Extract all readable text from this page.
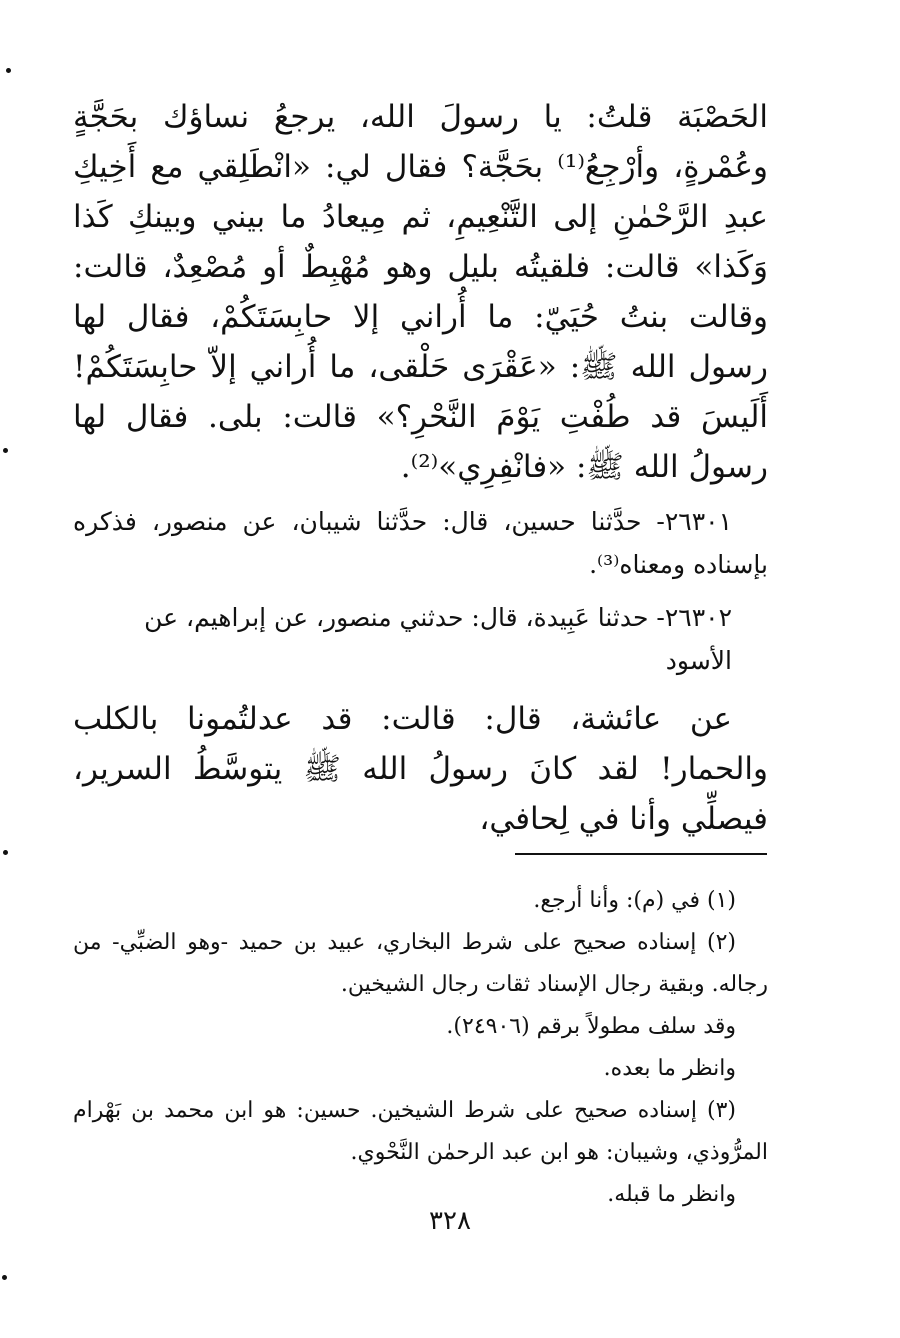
الحَصْبَة قلتُ: يا رسولَ الله، يرجعُ نساؤك بحَجَّةٍ وعُمْرةٍ، وأرْجِعُ⁽¹⁾ بحَجَّة؟ فقال لي: «انْطَلِقي مع أَخِيكِ عبدِ الرَّحْمٰنِ إلى التَّنْعِيمِ، ثم مِيعادُ ما بيني وبينكِ كَذا وَكَذا» قالت: فلقيتُه بليل وهو مُهْبِطٌ أو مُصْعِدٌ، قالت: وقالت بنتُ حُيَيّ: ما أُراني إلا حابِسَتَكُمْ، فقال لها رسول الله ﷺ: «عَقْرَى حَلْقى، ما أُراني إلاّ حابِسَتَكُمْ! أَلَيسَ قد طُفْتِ يَوْمَ النَّحْرِ؟» قالت: بلى. فقال لها رسولُ الله ﷺ: «فانْفِرِي»⁽²⁾.

٢٦٣٠١- حدَّثنا حسين، قال: حدَّثنا شيبان، عن منصور، فذكره بإسناده ومعناه⁽³⁾.

٢٦٣٠٢- حدثنا عَبِيدة، قال: حدثني منصور، عن إبراهيم، عن
الأسود

عن عائشة، قال: قالت: قد عدلتُمونا بالكلب والحمار! لقد كانَ رسولُ الله ﷺ يتوسَّطُ السرير، فيصلِّي وأنا في لِحافي،

(١) في (م): وأنا أرجع.

(٢) إسناده صحيح على شرط البخاري، عبيد بن حميد -وهو الضبِّي- من رجاله. وبقية رجال الإسناد ثقات رجال الشيخين.

وقد سلف مطولاً برقم (٢٤٩٠٦).

وانظر ما بعده.

(٣) إسناده صحيح على شرط الشيخين. حسين: هو ابن محمد بن بَهْرام المرُّوذي، وشيبان: هو ابن عبد الرحمٰن النَّحْوي.

وانظر ما قبله.

٣٢٨
